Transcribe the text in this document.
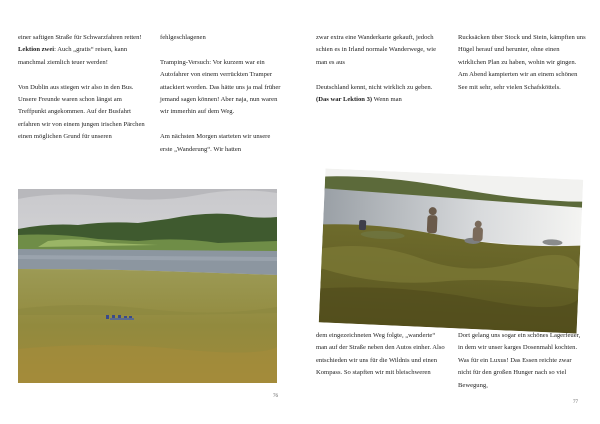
einer saftigen Straße für Schwarzfahren retten! Lektion zwei: Auch „gratis“ reisen, kann manchmal ziemlich teuer werden!

Von Dublin aus stiegen wir also in den Bus. Unsere Freunde waren schon längst am Treffpunkt angekommen. Auf der Busfahrt erfahren wir von einem jungen irischen Pärchen einen möglichen Grund für unseren

fehlgeschlagenen

Tramping-Versuch: Vor kurzem war ein Autofahrer von einem verrückten Tramper attackiert worden. Das hätte uns ja mal früher jemand sagen können! Aber naja, nun waren wir immerhin auf dem Weg.

Am nächsten Morgen starteten wir unsere erste „Wanderung“. Wir hatten

76

zwar extra eine Wanderkarte gekauft, jedoch schien es in Irland normale Wanderwege, wie man es aus

Deutschland kennt, nicht wirklich zu geben. (Das war Lektion 3) Wenn man

Rucksäcken über Stock und Stein, kämpften uns Hügel herauf und herunter, ohne einen wirklichen Plan zu haben, wohin wir gingen. Am Abend kampierten wir an einem schönen See mit sehr, sehr vielen Schafsköttels.

dem eingezeichneten Weg folgte, „wanderte“ man auf der Straße neben den Autos einher. Also entschieden wir uns für die Wildnis und einen Kompass. So stapften wir mit bleischweren

Dort gelang uns sogar ein schönes Lagerfeuer, in dem wir unser karges Dosenmahl kochten. Was für ein Luxus! Das Essen reichte zwar nicht für den großen Hunger nach so viel Bewegung,

77
